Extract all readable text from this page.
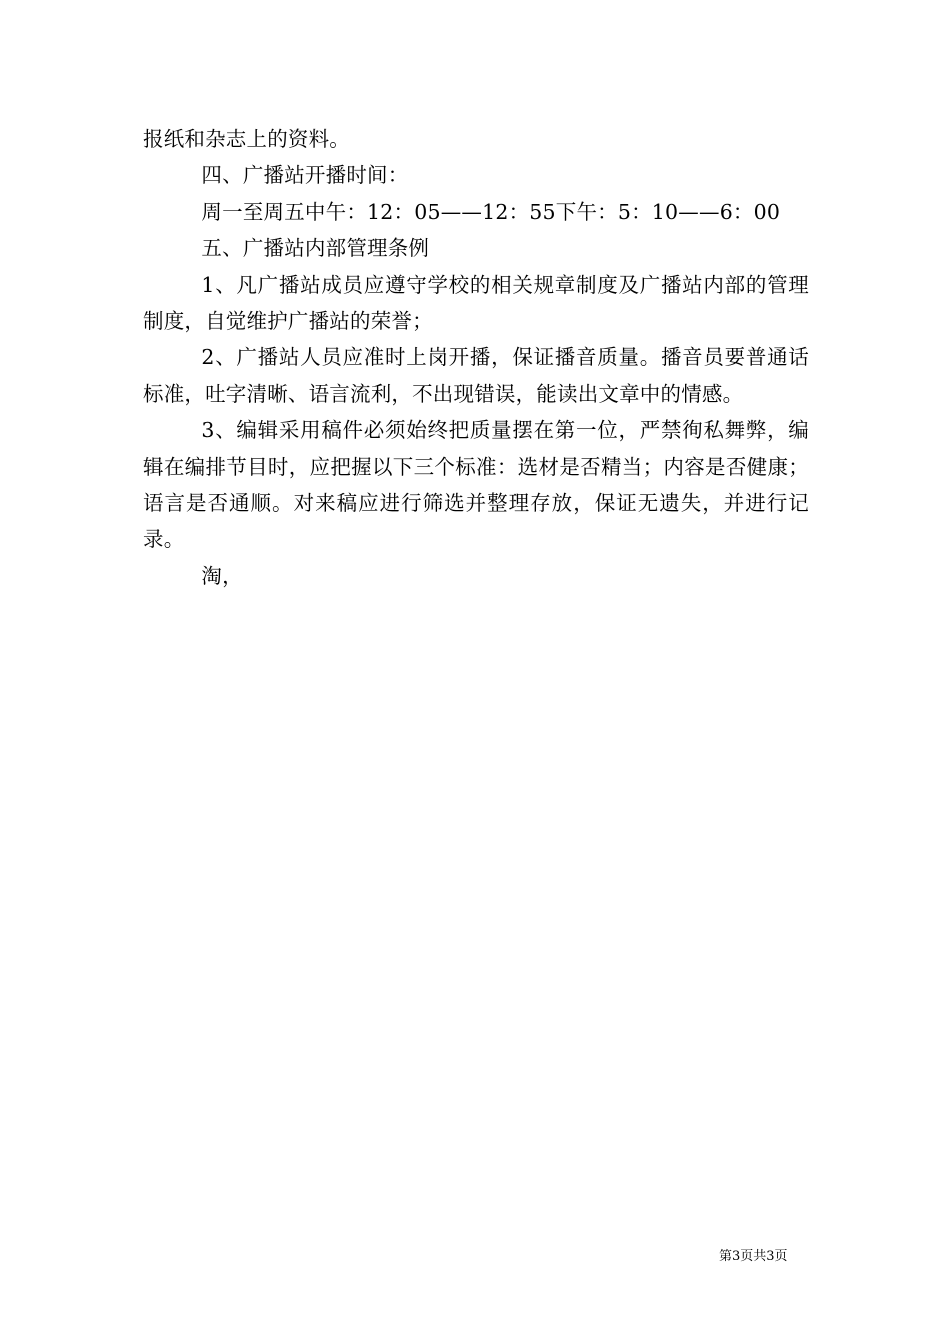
报纸和杂志上的资料。

四、广播站开播时间：

周一至周五中午：12：05——12：55下午：5：10——6：00

五、广播站内部管理条例

1、凡广播站成员应遵守学校的相关规章制度及广播站内部的管理制度，自觉维护广播站的荣誉；

2、广播站人员应准时上岗开播，保证播音质量。播音员要普通话标准，吐字清晰、语言流利，不出现错误，能读出文章中的情感。

3、编辑采用稿件必须始终把质量摆在第一位，严禁徇私舞弊，编辑在编排节目时，应把握以下三个标准：选材是否精当；内容是否健康；语言是否通顺。对来稿应进行筛选并整理存放，保证无遗失，并进行记录。

淘，

第3页共3页
